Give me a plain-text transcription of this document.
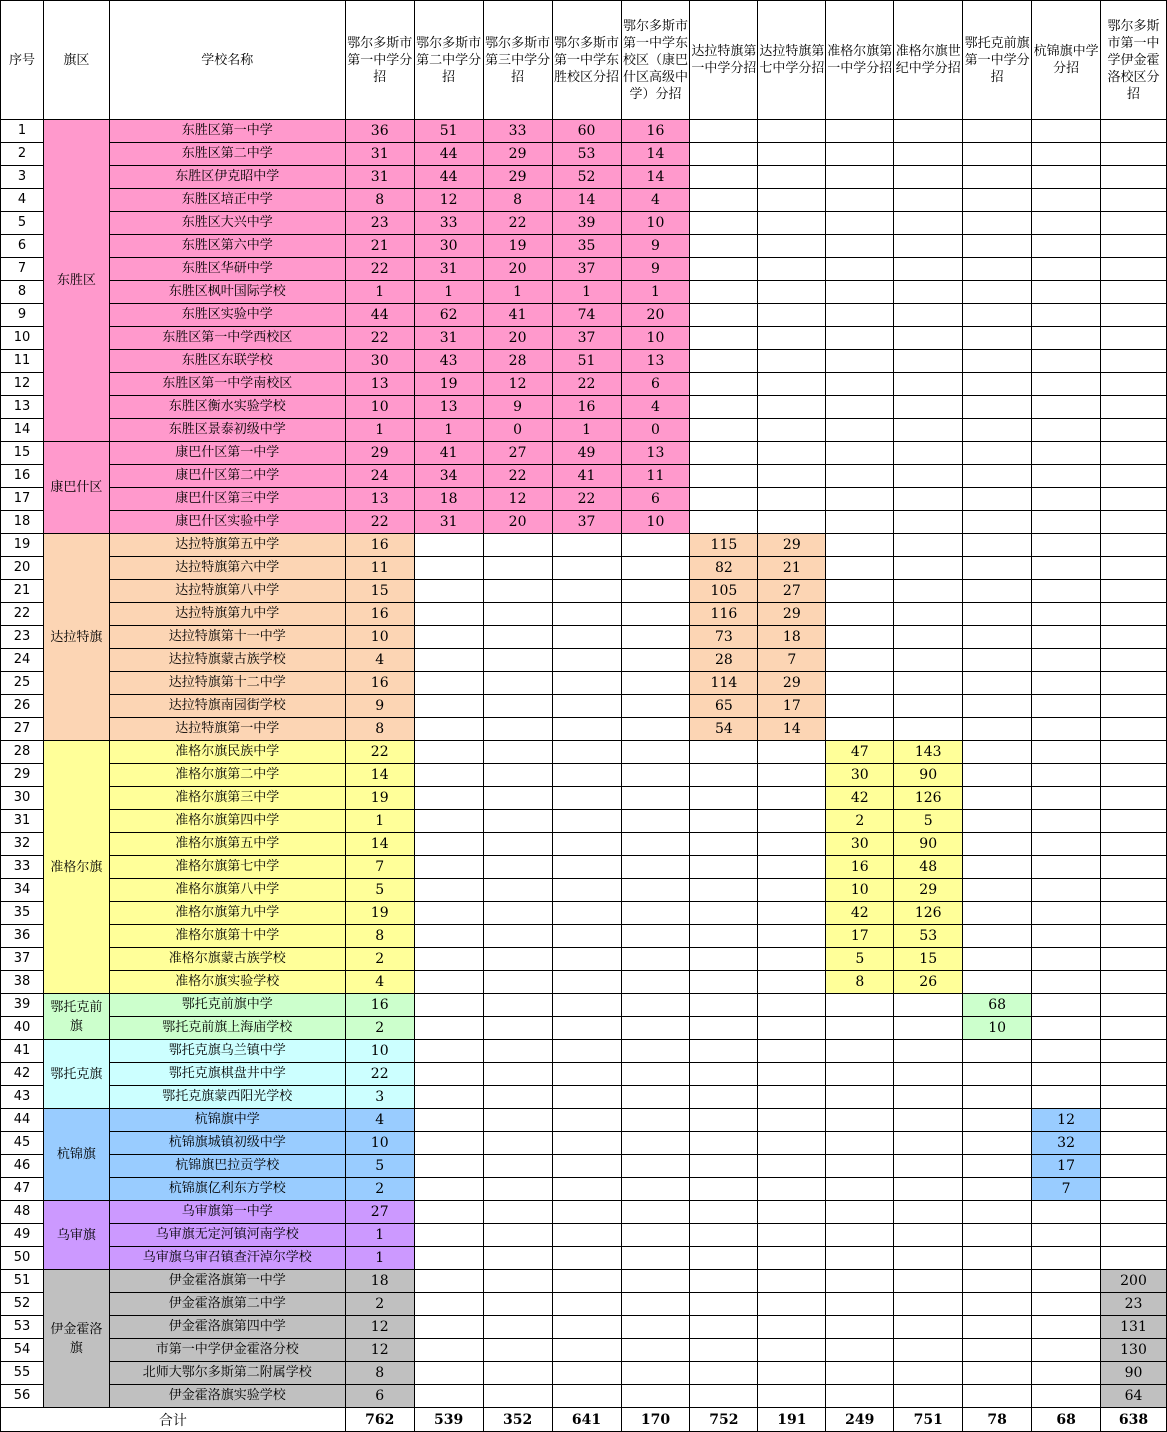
序号	旗区	学校名称	鄂尔多斯市第一中学分招	鄂尔多斯市第二中学分招	鄂尔多斯市第三中学分招	鄂尔多斯市第一中学东胜校区分招	鄂尔多斯市第一中学东校区（康巴什区高级中学）分招	达拉特旗第一中学分招	达拉特旗第七中学分招	准格尔旗第一中学分招	准格尔旗世纪中学分招	鄂托克前旗第一中学分招	杭锦旗中学分招	鄂尔多斯市第一中学伊金霍洛校区分招
1	东胜区	东胜区第一中学	36	51	33	60	16							
2		东胜区第二中学	31	44	29	53	14							
3		东胜区伊克昭中学	31	44	29	52	14							
4		东胜区培正中学	8	12	8	14	4							
5		东胜区大兴中学	23	33	22	39	10							
6		东胜区第六中学	21	30	19	35	9							
7		东胜区华研中学	22	31	20	37	9							
8		东胜区枫叶国际学校	1	1	1	1	1							
9		东胜区实验中学	44	62	41	74	20							
10		东胜区第一中学西校区	22	31	20	37	10							
11		东胜区东联学校	30	43	28	51	13							
12		东胜区第一中学南校区	13	19	12	22	6							
13		东胜区衡水实验学校	10	13	9	16	4							
14		东胜区景泰初级中学	1	1	0	1	0							
15	康巴什区	康巴什区第一中学	29	41	27	49	13							
16		康巴什区第二中学	24	34	22	41	11							
17		康巴什区第三中学	13	18	12	22	6							
18		康巴什区实验中学	22	31	20	37	10							
19	达拉特旗	达拉特旗第五中学	16					115	29					
20		达拉特旗第六中学	11					82	21					
21		达拉特旗第八中学	15					105	27					
22		达拉特旗第九中学	16					116	29					
23		达拉特旗第十一中学	10					73	18					
24		达拉特旗蒙古族学校	4					28	7					
25		达拉特旗第十二中学	16					114	29					
26		达拉特旗南园街学校	9					65	17					
27		达拉特旗第一中学	8					54	14					
28	准格尔旗	准格尔旗民族中学	22							47	143			
29		准格尔旗第二中学	14							30	90			
30		准格尔旗第三中学	19							42	126			
31		准格尔旗第四中学	1							2	5			
32		准格尔旗第五中学	14							30	90			
33		准格尔旗第七中学	7							16	48			
34		准格尔旗第八中学	5							10	29			
35		准格尔旗第九中学	19							42	126			
36		准格尔旗第十中学	8							17	53			
37		准格尔旗蒙古族学校	2							5	15			
38		准格尔旗实验学校	4							8	26			
39	鄂托克前旗	鄂托克前旗中学	16									68		
40		鄂托克前旗上海庙学校	2									10		
41	鄂托克旗	鄂托克旗乌兰镇中学	10											
42		鄂托克旗棋盘井中学	22											
43		鄂托克旗蒙西阳光学校	3											
44	杭锦旗	杭锦旗中学	4										12	
45		杭锦旗城镇初级中学	10										32	
46		杭锦旗巴拉贡学校	5										17	
47		杭锦旗亿利东方学校	2										7	
48	乌审旗	乌审旗第一中学	27											
49		乌审旗无定河镇河南学校	1											
50		乌审旗乌审召镇查汗淖尔学校	1											
51	伊金霍洛旗	伊金霍洛旗第一中学	18											200
52		伊金霍洛旗第二中学	2											23
53		伊金霍洛旗第四中学	12											131
54		市第一中学伊金霍洛分校	12											130
55		北师大鄂尔多斯第二附属学校	8											90
56		伊金霍洛旗实验学校	6											64
合计			762	539	352	641	170	752	191	249	751	78	68	638
